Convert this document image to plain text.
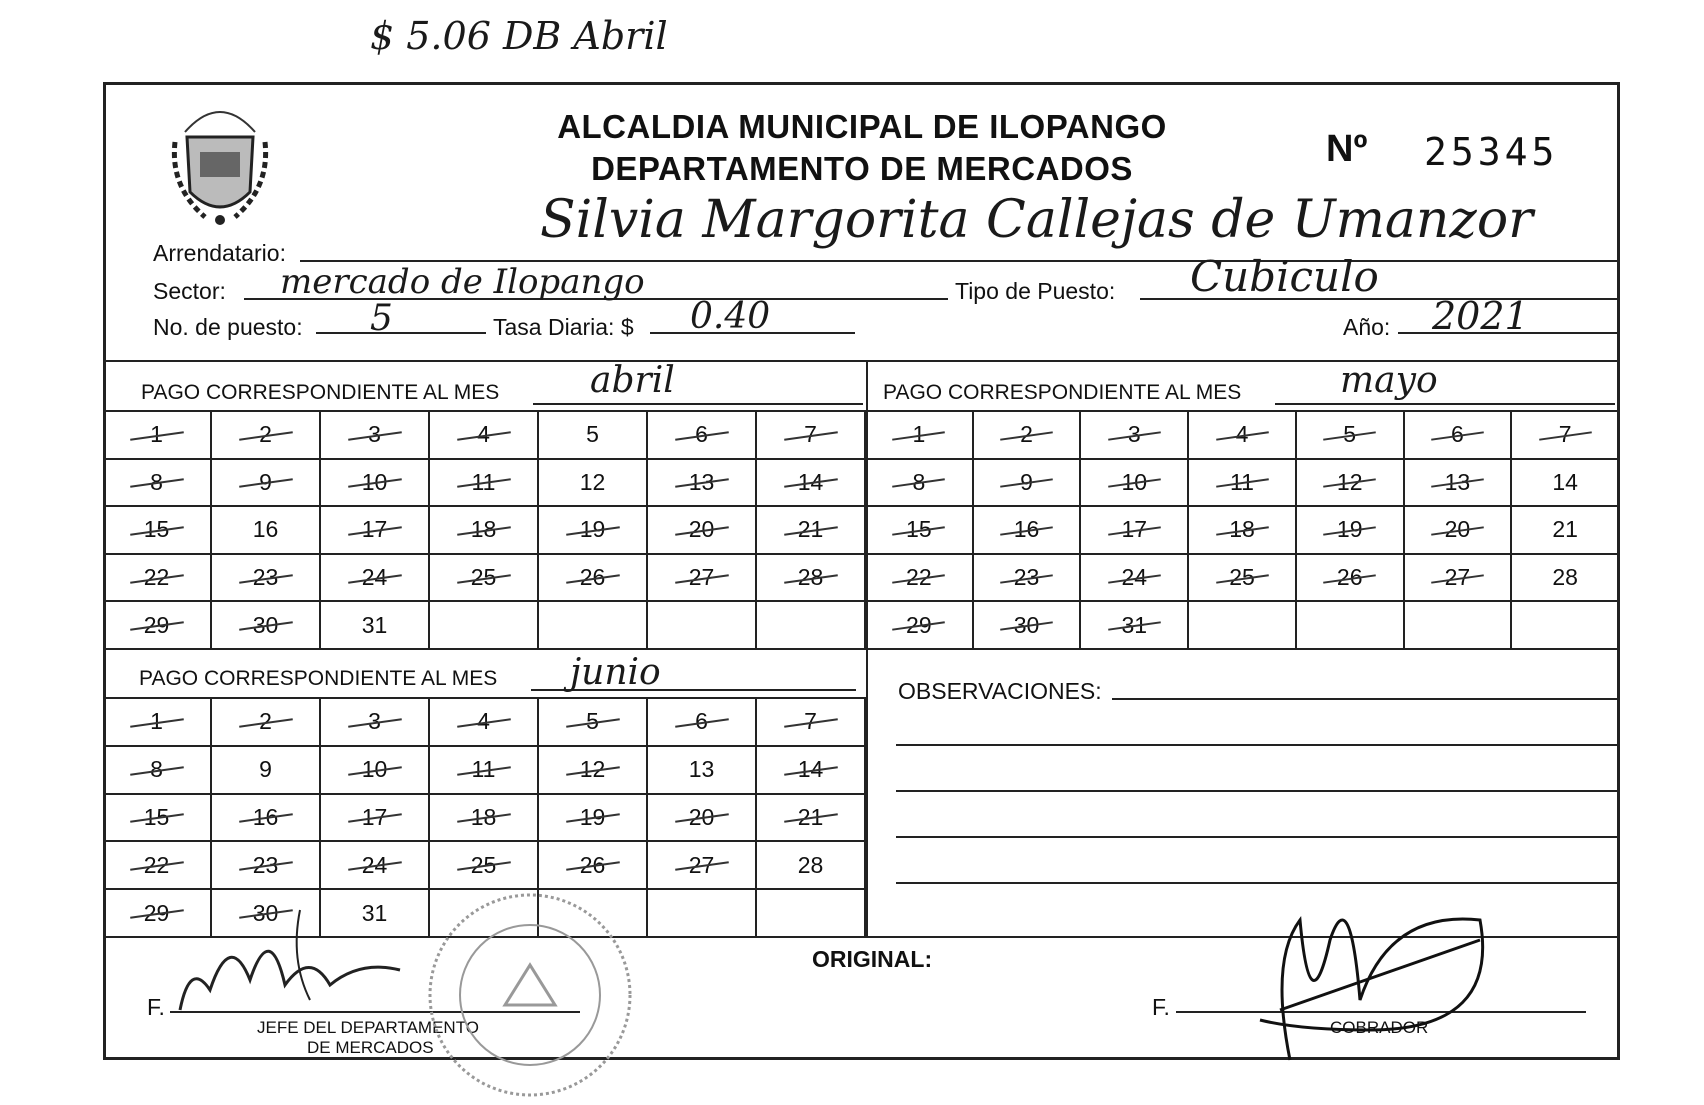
$ 5.06 DB Abril
ALCALDIA MUNICIPAL DE ILOPANGO
DEPARTAMENTO DE MERCADOS	Nº 25345
Arrendatario:
Silvia Margorita Callejas de Umanzor
Sector: mercado de Ilopango	Tipo de Puesto: Cubiculo
No. de puesto: 5	Tasa Diaria: $ 0.40	Año: 2021
PAGO CORRESPONDIENTE AL MES	abril	PAGO CORRESPONDIENTE AL MES	mayo
PAGO CORRESPONDIENTE AL MES junio
1	2	3	4	5	6	7
8	9	10	11	12	13	14
15	16	17	18	19	20	21
22	23	24	25	26	27	28
29	30	31
1	2	3	4	5	6	7
8	9	10	11	12	13	14
15	16	17	18	19	20	21
22	23	24	25	26	27	28
29	30	31
1	2	3	4	5	6	7
8	9	10	11	12	13	14
15	16	17	18	19	20	21
22	23	24	25	26	27	28
29	30	31
OBSERVACIONES:
ORIGINAL:
F.
JEFE DEL DEPARTAMENTO
DE MERCADOS
F.
COBRADOR
